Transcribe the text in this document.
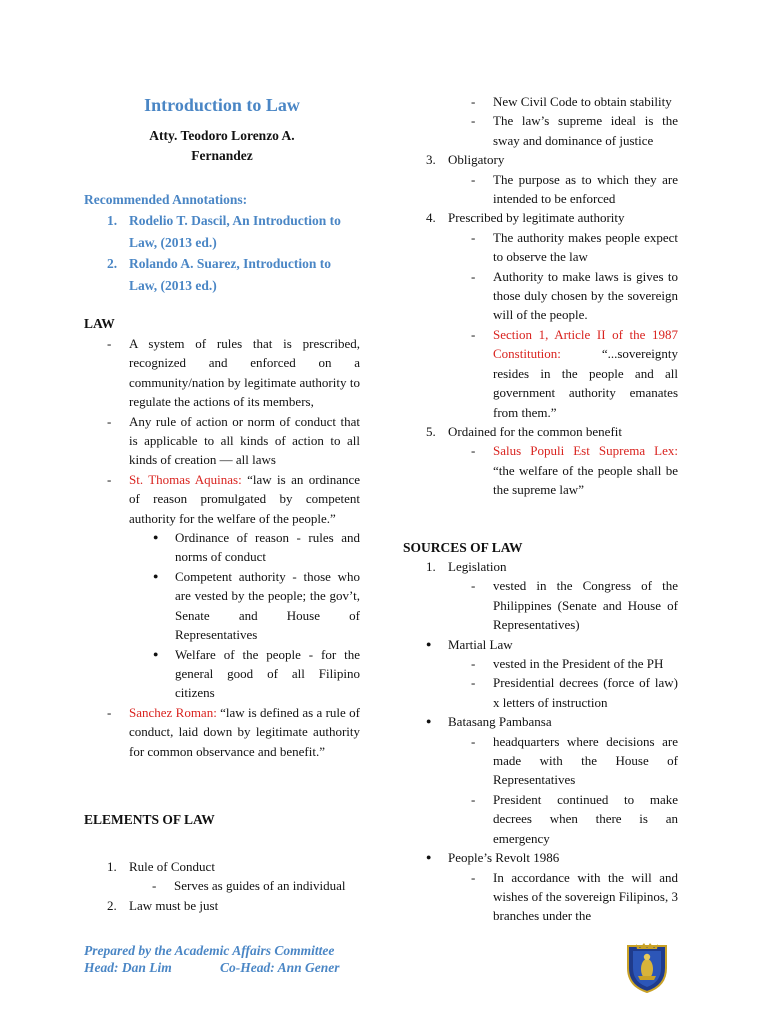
Introduction to Law
Atty. Teodoro Lorenzo A.
Fernandez
Recommended Annotations:
1. Rodelio T. Dascil, An Introduction to Law, (2013 ed.)
2. Rolando A. Suarez, Introduction to Law, (2013 ed.)
LAW
- A system of rules that is prescribed, recognized and enforced on a community/nation by legitimate authority to regulate the actions of its members,
- Any rule of action or norm of conduct that is applicable to all kinds of action to all kinds of creation — all laws
- St. Thomas Aquinas: “law is an ordinance of reason promulgated by competent authority for the welfare of the people.”
● Ordinance of reason - rules and norms of conduct
● Competent authority - those who are vested by the people; the gov’t, Senate and House of Representatives
● Welfare of the people - for the general good of all Filipino citizens
- Sanchez Roman: “law is defined as a rule of conduct, laid down by legitimate authority for common observance and benefit.”
ELEMENTS OF LAW
1. Rule of Conduct
- Serves as guides of an individual
2. Law must be just
- New Civil Code to obtain stability
- The law’s supreme ideal is the sway and dominance of justice
3. Obligatory
- The purpose as to which they are intended to be enforced
4. Prescribed by legitimate authority
- The authority makes people expect to observe the law
- Authority to make laws is gives to those duly chosen by the sovereign will of the people.
- Section 1, Article II of the 1987 Constitution: “...sovereignty resides in the people and all government authority emanates from them.”
5. Ordained for the common benefit
- Salus Populi Est Suprema Lex: “the welfare of the people shall be the supreme law”
SOURCES OF LAW
1. Legislation
- vested in the Congress of the Philippines (Senate and House of Representatives)
● Martial Law
- vested in the President of the PH
- Presidential decrees (force of law) x letters of instruction
● Batasang Pambansa
- headquarters where decisions are made with the House of Representatives
- President continued to make decrees when there is an emergency
● People’s Revolt 1986
- In accordance with the will and wishes of the sovereign Filipinos, 3 branches under the
Prepared by the Academic Affairs Committee
Head: Dan Lim	Co-Head: Ann Gener
